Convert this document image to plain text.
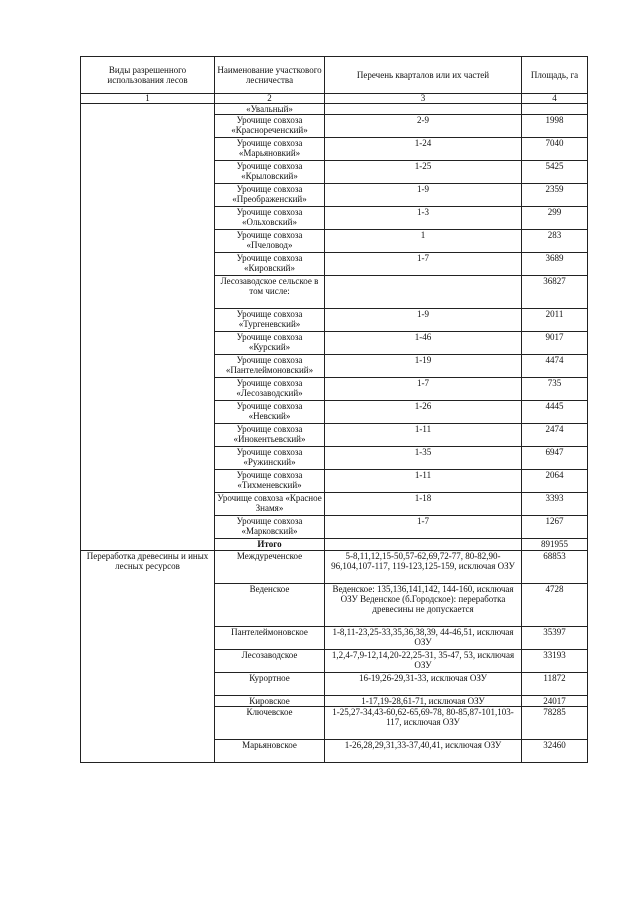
Виды разрешенного использования лесов	Наименование участкового лесничества	Перечень кварталов или их частей	Площадь, га
1	2	3	4
	«Увальный»		
	Урочище совхоза «Краснореченский»	2-9	1998
	Урочище совхоза «Марьяновкий»	1-24	7040
	Урочище совхоза «Крыловский»	1-25	5425
	Урочище совхоза «Преображенский»	1-9	2359
	Урочище совхоза «Ольховский»	1-3	299
	Урочище совхоза «Пчеловод»	1	283
	Урочище совхоза «Кировский»	1-7	3689
	Лесозаводское сельское в том числе:		36827
	Урочище совхоза «Тургеневский»	1-9	2011
	Урочище совхоза «Курский»	1-46	9017
	Урочище совхоза «Пантелеймоновский»	1-19	4474
	Урочище совхоза «Лесозаводский»	1-7	735
	Урочище совхоза «Невский»	1-26	4445
	Урочище совхоза «Инокентьевский»	1-11	2474
	Урочище совхоза «Ружинский»	1-35	6947
	Урочище совхоза «Тихменевский»	1-11	2064
	Урочище совхоза «Красное Знамя»	1-18	3393
	Урочище совхоза «Марковский»	1-7	1267
	Итого		891955
Переработка древесины и иных лесных ресурсов	Междуреченское	5-8,11,12,15-50,57-62,69,72-77, 80-82,90-96,104,107-117, 119-123,125-159, исключая ОЗУ	68853
	Веденское	Веденское: 135,136,141,142, 144-160, исключая ОЗУ Веденское (б.Городское): переработка древесины не допускается	4728
	Пантелеймоновское	1-8,11-23,25-33,35,36,38,39, 44-46,51, исключая ОЗУ	35397
	Лесозаводское	1,2,4-7,9-12,14,20-22,25-31, 35-47, 53, исключая ОЗУ	33193
	Курортное	16-19,26-29,31-33, исключая ОЗУ	11872
	Кировское	1-17,19-28,61-71, исключая ОЗУ	24017
	Ключевское	1-25,27-34,43-60,62-65,69-78, 80-85,87-101,103-117, исключая ОЗУ	78285
	Марьяновское	1-26,28,29,31,33-37,40,41, исключая ОЗУ	32460
